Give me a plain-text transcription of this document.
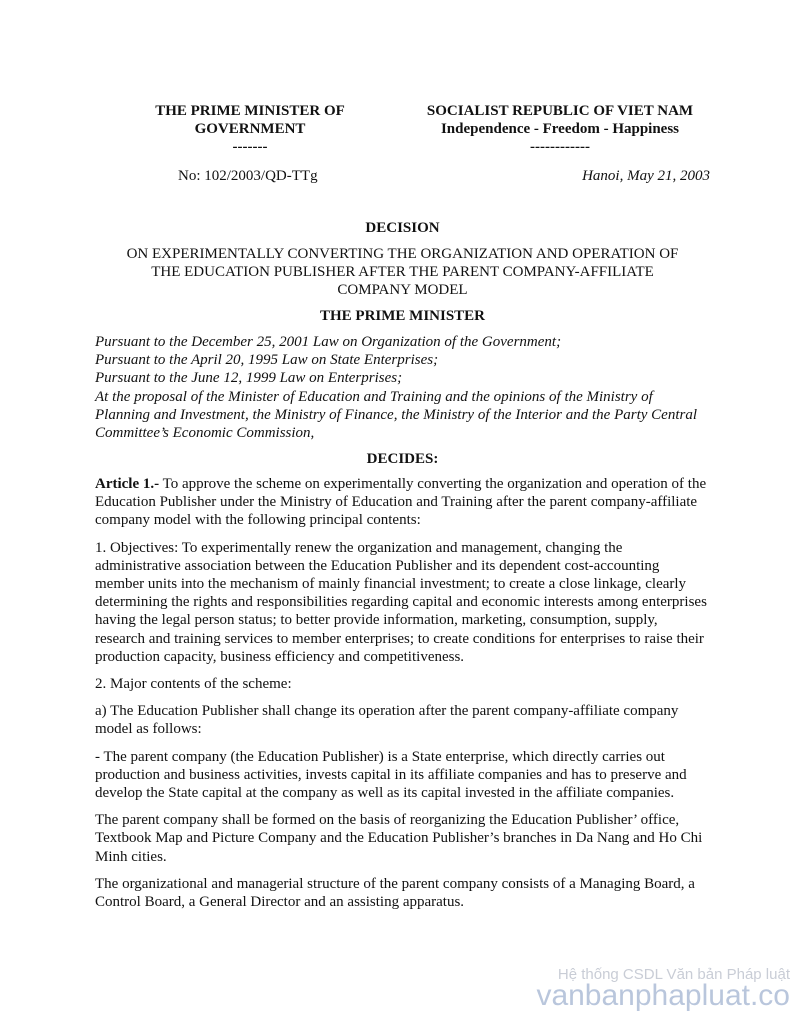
THE PRIME MINISTER OF
GOVERNMENT
-------
SOCIALIST REPUBLIC OF VIET NAM
Independence - Freedom - Happiness
------------
No: 102/2003/QD-TTg	Hanoi, May 21, 2003
DECISION
ON EXPERIMENTALLY CONVERTING THE ORGANIZATION AND OPERATION OF
THE EDUCATION PUBLISHER AFTER THE PARENT COMPANY-AFFILIATE
COMPANY MODEL
THE PRIME MINISTER

Pursuant to the December 25, 2001 Law on Organization of the Government;

Pursuant to the April 20, 1995 Law on State Enterprises;

Pursuant to the June 12, 1999 Law on Enterprises;

At the proposal of the Minister of Education and Training and the opinions of the Ministry of Planning and Investment, the Ministry of Finance, the Ministry of the Interior and the Party Central Committee’s Economic Commission,

DECIDES:

Article 1.- To approve the scheme on experimentally converting the organization and operation of the Education Publisher under the Ministry of Education and Training after the parent company-affiliate company model with the following principal contents:

1. Objectives: To experimentally renew the organization and management, changing the administrative association between the Education Publisher and its dependent cost-accounting member units into the mechanism of mainly financial investment; to create a close linkage, clearly determining the rights and responsibilities regarding capital and economic interests among enterprises having the legal person status; to better provide information, marketing, consumption, supply, research and training services to member enterprises; to create conditions for enterprises to raise their production capacity, business efficiency and competitiveness.

2. Major contents of the scheme:

a) The Education Publisher shall change its operation after the parent company-affiliate company model as follows:

- The parent company (the Education Publisher) is a State enterprise, which directly carries out production and business activities, invests capital in its affiliate companies and has to preserve and develop the State capital at the company as well as its capital invested in the affiliate companies.

The parent company shall be formed on the basis of reorganizing the Education Publisher’ office, Textbook Map and Picture Company and the Education Publisher’s branches in Da Nang and Ho Chi Minh cities.

The organizational and managerial structure of the parent company consists of a Managing Board, a Control Board, a General Director and an assisting apparatus.

Hệ thống CSDL Văn bản Pháp luật
vanbanphapluat.co
